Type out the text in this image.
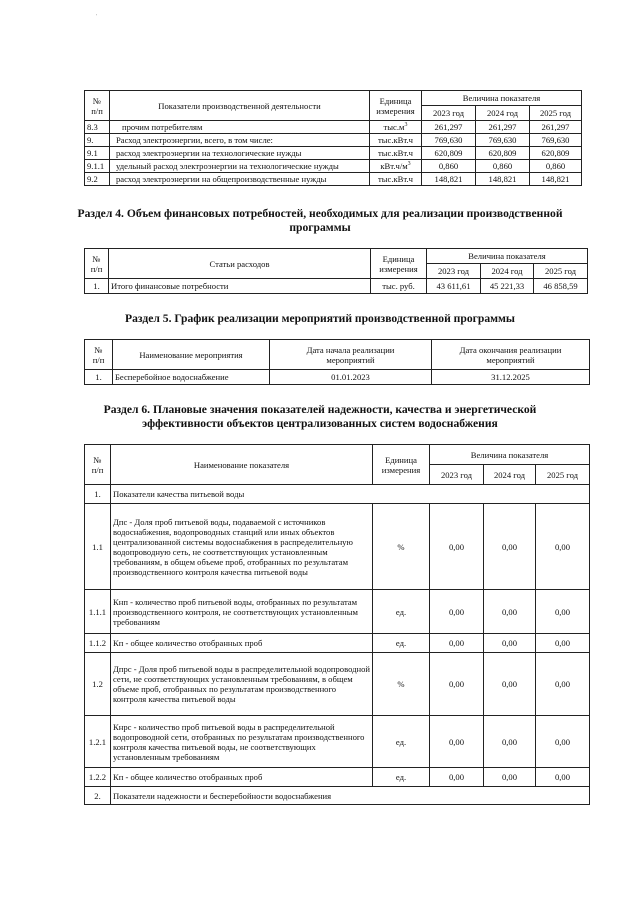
'
№
п/п	Показатели производственной деятельности	Единица измерения	Величина показателя		
			2023 год	2024 год	2025 год
8.3	прочим потребителям	$тыс.м^3$	261,297	261,297	261,297
9.	Расход электроэнергии, всего, в том числе:	тыс.кВт.ч	769,630	769,630	769,630
9.1	расход электроэнергии на технологические нужды	тыс.кВт.ч	620,809	620,809	620,809
9.1.1	удельный расход электроэнергии на технологические нужды	$кВт.ч/м^3$	0,860	0,860	0,860
9.2	расход электроэнергии на общепроизводственные нужды	тыс.кВт.ч	148,821	148,821	148,821
Раздел 4. Объем финансовых потребностей, необходимых для реализации производственной программы
№
п/п	Статьи расходов	Единица измерения	Величина показателя		
			2023 год	2024 год	2025 год
1.	Итого финансовые потребности	тыс. руб.	43 611,61	45 221,33	46 858,59
Раздел 5. График реализации мероприятий производственной программы
№
п/п	Наименование мероприятия	Дата начала реализации мероприятий	Дата окончания реализации мероприятий
1.	Бесперебойное водоснабжение	01.01.2023	31.12.2025
Раздел 6. Плановые значения показателей надежности, качества и энергетической эффективности объектов централизованных систем водоснабжения
№
п/п	Наименование показателя	Единица измерения	Величина показателя		
			2023 год	2024 год	2025 год
1.	Показатели качества питьевой воды				
1.1	Дпс - Доля проб питьевой воды, подаваемой с источников водоснабжения, водопроводных станций или иных объектов централизованной системы водоснабжения в распределительную водопроводную сеть, не соответствующих установленным требованиям, в общем объеме проб, отобранных по результатам производственного контроля качества питьевой воды	%	0,00	0,00	0,00
1.1.1	Кнп - количество проб питьевой воды, отобранных по результатам производственного контроля, не соответствующих установленным требованиям	ед.	0,00	0,00	0,00
1.1.2	Кп - общее количество отобранных проб	ед.	0,00	0,00	0,00
1.2	Дпрс - Доля проб питьевой воды в распределительной водопроводной сети, не соответствующих установленным требованиям, в общем объеме проб, отобранных по результатам производственного контроля качества питьевой воды	%	0,00	0,00	0,00
1.2.1	Кнрс - количество проб питьевой воды в распределительной водопроводной сети, отобранных по результатам производственного контроля качества питьевой воды, не соответствующих установленным требованиям	ед.	0,00	0,00	0,00
1.2.2	Кп - общее количество отобранных проб	ед.	0,00	0,00	0,00
2.	Показатели надежности и бесперебойности водоснабжения				
